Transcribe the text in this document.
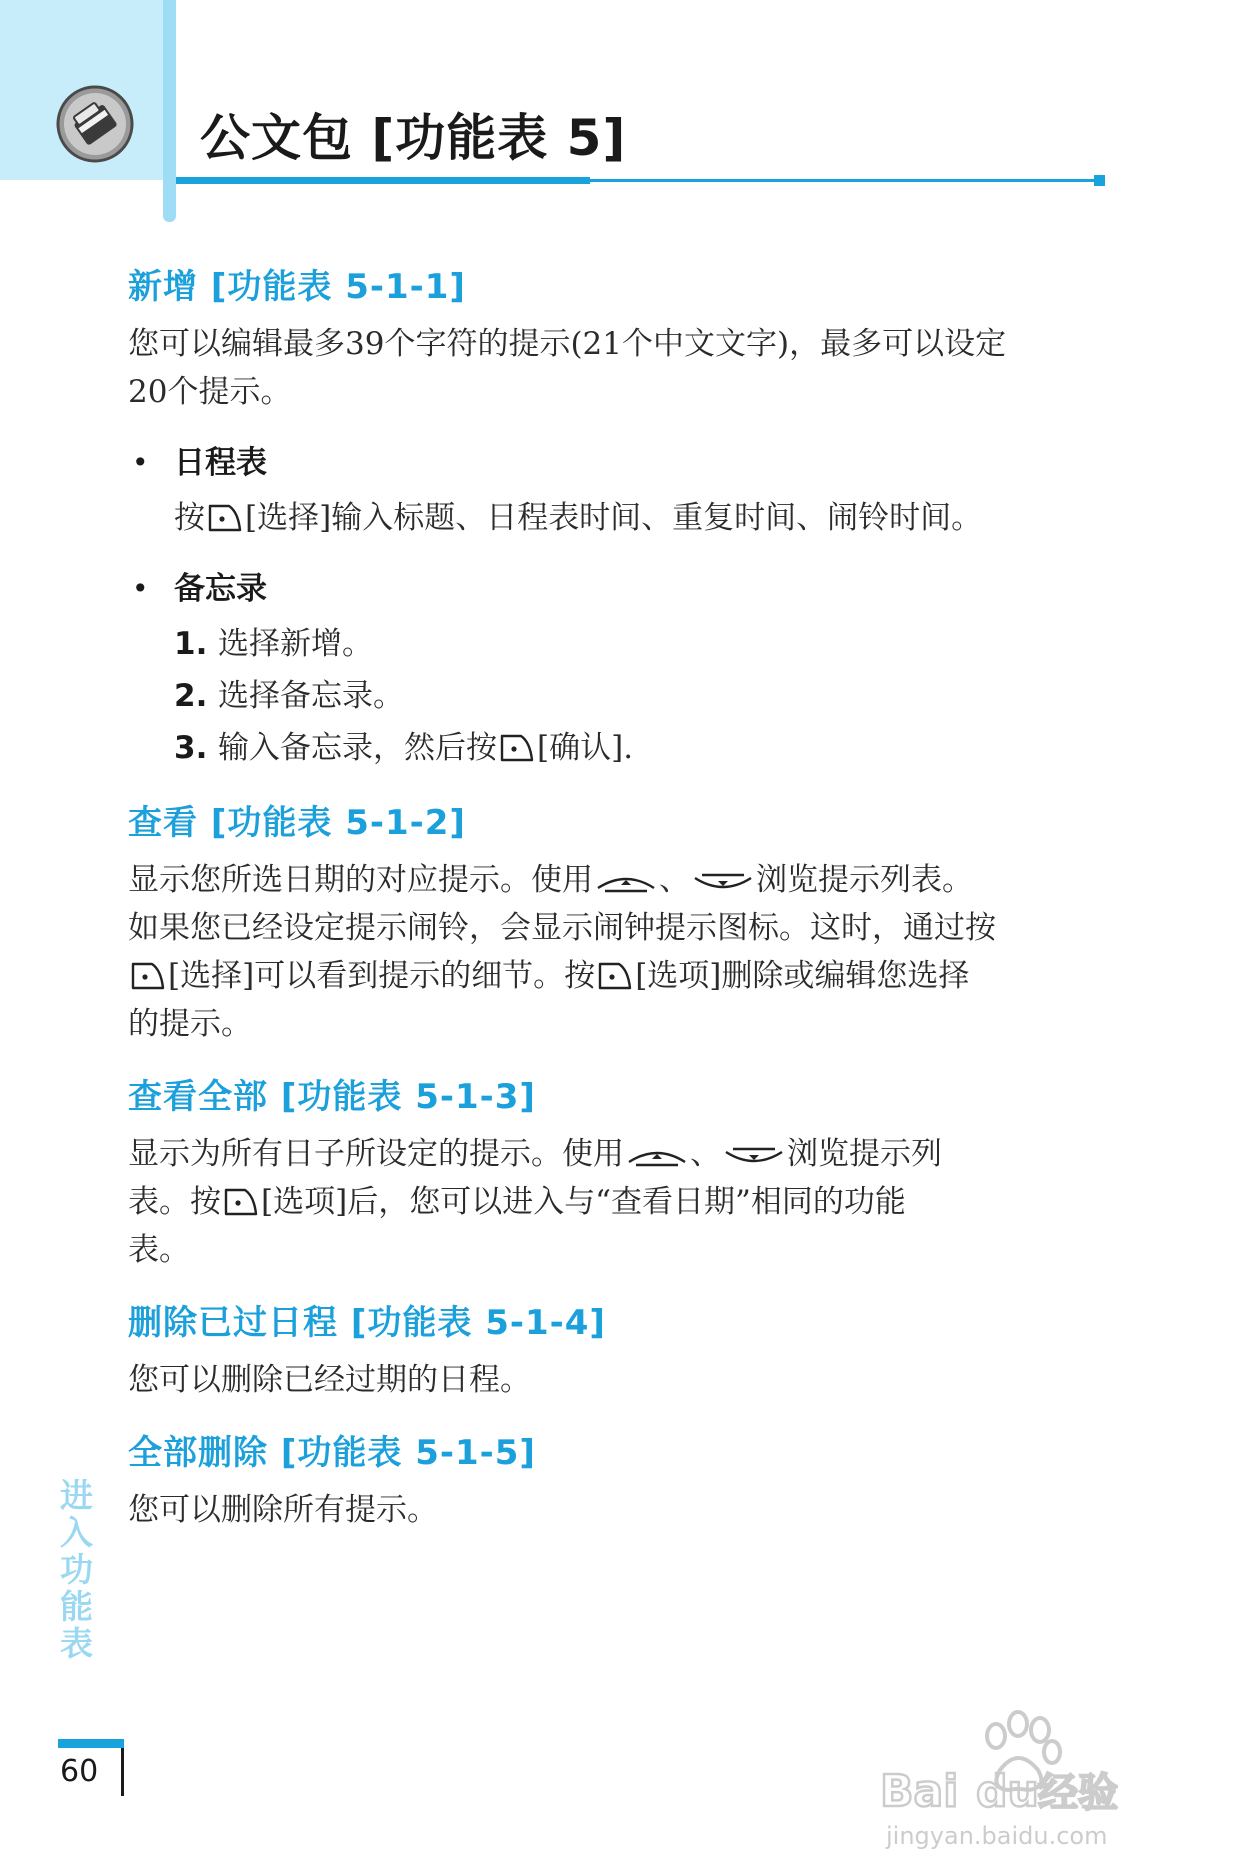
公文包 [功能表 5]
新增 [功能表 5-1-1]

您可以编辑最多39个字符的提示(21个中文文字)，最多可以设定
20个提示。

• 日程表

按 [选择]输入标题、日程表时间、重复时间、闹铃时间。

• 备忘录

1. 选择新增。
2. 选择备忘录。
3. 输入备忘录，然后按 [确认].
查看 [功能表 5-1-2]

显示您所选日期的对应提示。使用 、 浏览提示列表。
如果您已经设定提示闹铃，会显示闹钟提示图标。这时，通过按

[选择]可以看到提示的细节。按 [选项]删除或编辑您选择
的提示。

查看全部 [功能表 5-1-3]

显示为所有日子所设定的提示。使用 、 浏览提示列
表。按 [选项]后，您可以进入与“查看日期”相同的功能
表。

删除已过日程 [功能表 5-1-4]

您可以删除已经过期的日程。

全部删除 [功能表 5-1-5]

您可以删除所有提示。

进入功能表

60	Bai du 经验
jingyan.baidu.com
